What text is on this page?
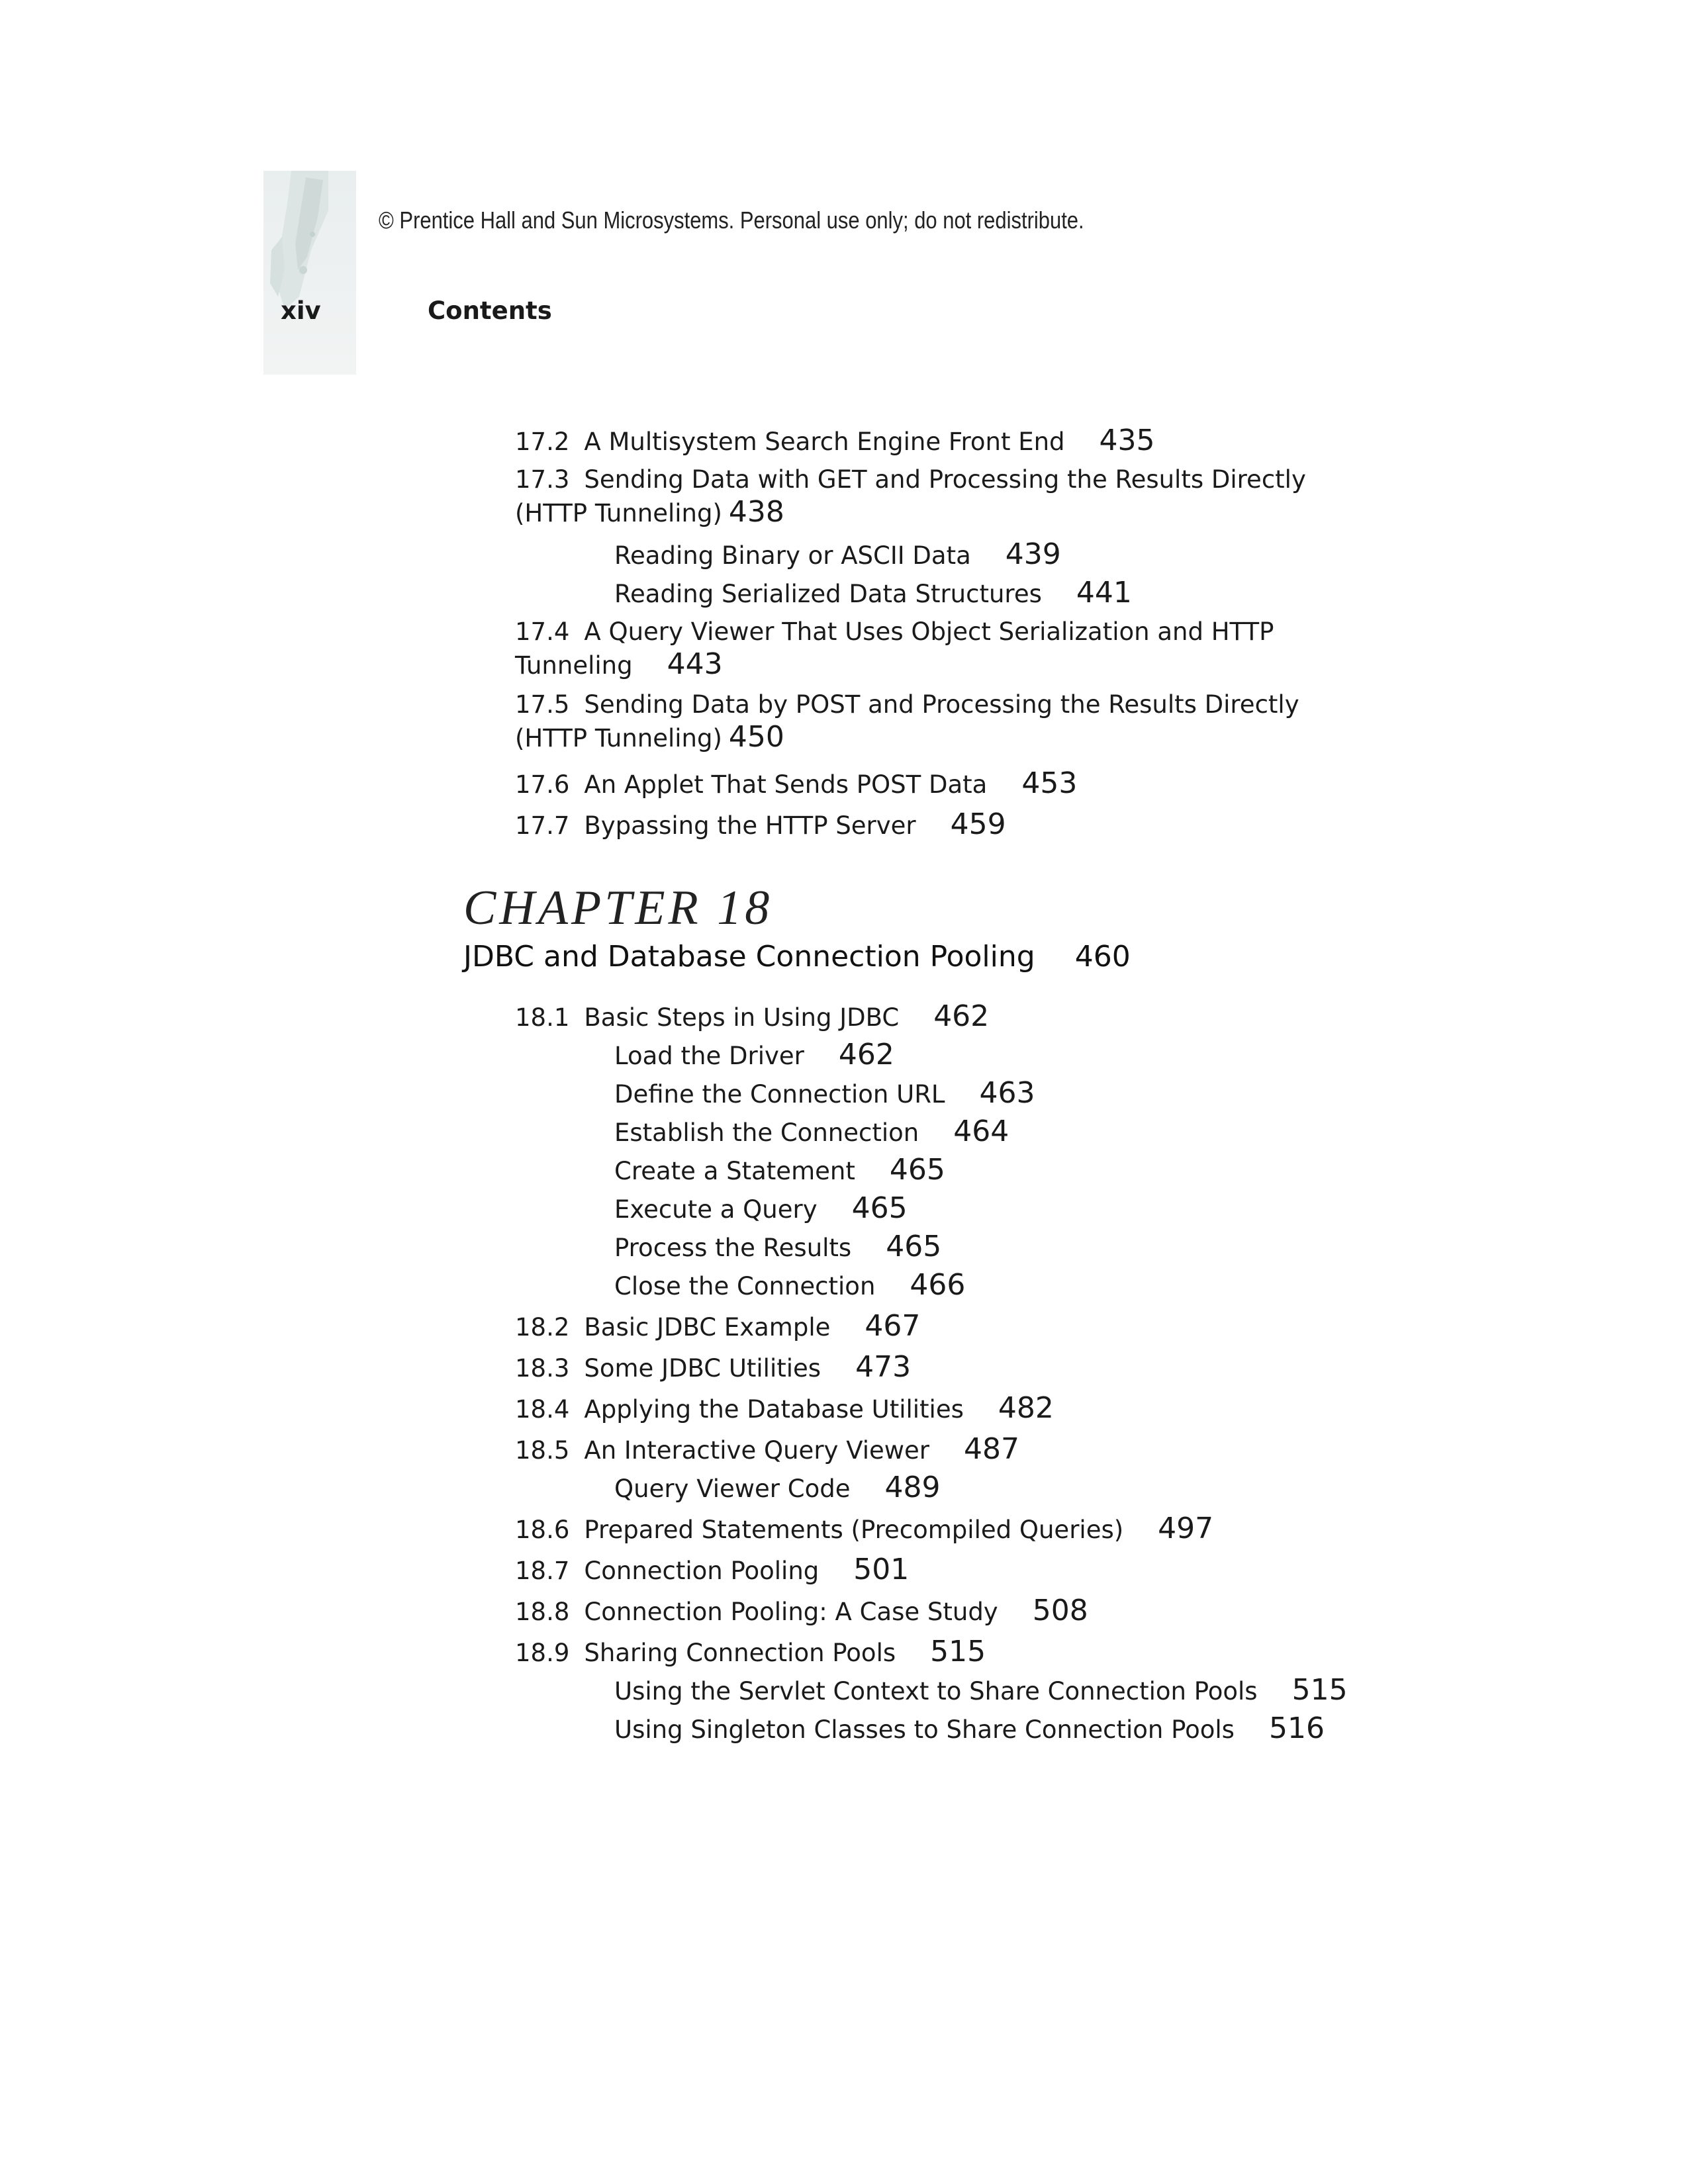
© Prentice Hall and Sun Microsystems. Personal use only; do not redistribute.
xiv	Contents
17.2 A Multisystem Search Engine Front End 435
17.3 Sending Data with GET and Processing the Results Directly
(HTTP Tunneling) 438
Reading Binary or ASCII Data 439
Reading Serialized Data Structures 441
17.4 A Query Viewer That Uses Object Serialization and HTTP
Tunneling 443
17.5 Sending Data by POST and Processing the Results Directly
(HTTP Tunneling) 450
17.6 An Applet That Sends POST Data 453
17.7 Bypassing the HTTP Server 459
CHAPTER 18
JDBC and Database Connection Pooling 460
18.1 Basic Steps in Using JDBC 462
Load the Driver 462
Define the Connection URL 463
Establish the Connection 464
Create a Statement 465
Execute a Query 465
Process the Results 465
Close the Connection 466
18.2 Basic JDBC Example 467
18.3 Some JDBC Utilities 473
18.4 Applying the Database Utilities 482
18.5 An Interactive Query Viewer 487
Query Viewer Code 489
18.6 Prepared Statements (Precompiled Queries) 497
18.7 Connection Pooling 501
18.8 Connection Pooling: A Case Study 508
18.9 Sharing Connection Pools 515
Using the Servlet Context to Share Connection Pools 515
Using Singleton Classes to Share Connection Pools 516
